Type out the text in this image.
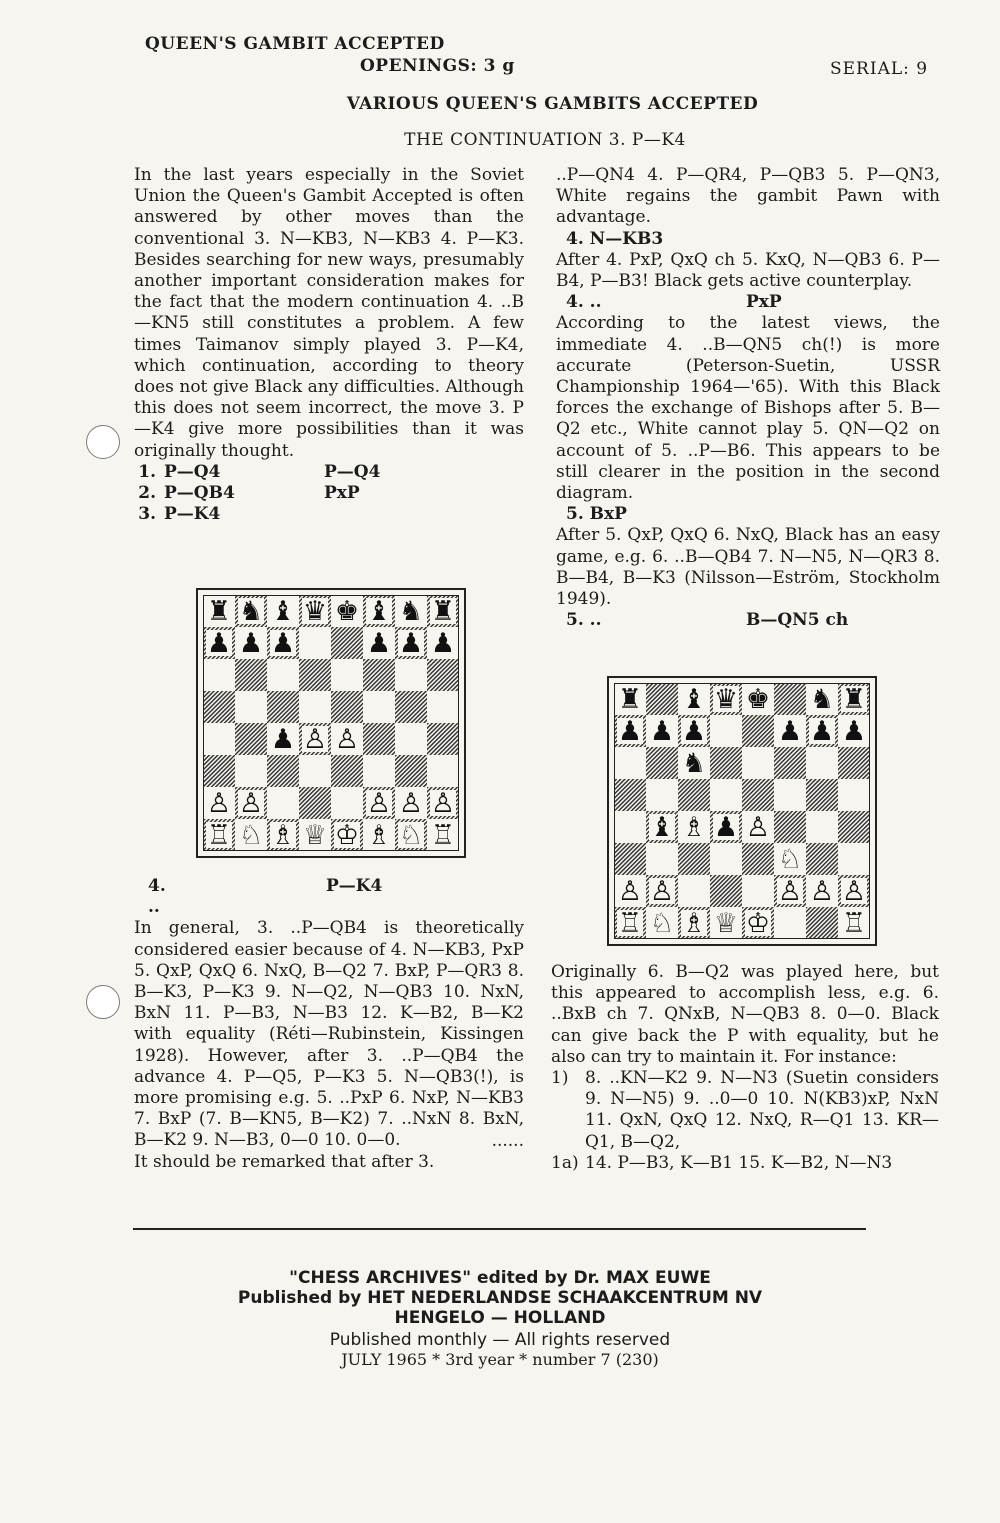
QUEEN'S GAMBIT ACCEPTED
OPENINGS: 3 g	SERIAL: 9
VARIOUS QUEEN'S GAMBITS ACCEPTED
THE CONTINUATION 3. P—K4

In the last years especially in the Soviet Union the Queen's Gambit Accepted is often answered by other moves than the conventional 3. N—KB3, N—KB3 4. P—K3. Besides searching for new ways, presumably another important consideration makes for the fact that the modern continuation 4. ..B—KN5 still constitutes a problem. A few times Taimanov simply played 3. P—K4, which continuation, according to theory does not give Black any difficulties. Although this does not seem incorrect, the move 3. P—K4 give more possibilities than it was originally thought.

1. P—Q4	P—Q4
2. P—QB4	PxP
3. P—K4
♜ ♞ ♝ ♛ ♚ ♝ ♞ ♜
♟ ♟ ♟	♟ ♟ ♟
♟ ♙ ♙
♙ ♙	♙ ♙ ♙
♖ ♘ ♗ ♕ ♔ ♗ ♘ ♖
4. ..
P—K4

In general, 3. ..P—QB4 is theoretically considered easier because of 4. N—KB3, PxP 5. QxP, QxQ 6. NxQ, B—Q2 7. BxP, P—QR3 8. B—K3, P—K3 9. N—Q2, N—QB3 10. NxN, BxN 11. P—B3, N—B3 12. K—B2, B—K2 with equality (Réti—Rubinstein, Kissingen 1928). However, after 3. ..P—QB4 the advance 4. P—Q5, P—K3 5. N—QB3(!), is more promising e.g. 5. ..PxP 6. NxP, N—KB3 7. BxP (7. B—KN5, B—K2) 7. ..NxN 8. BxN, B—K2 9. N—B3, 0—0 10. 0—0.	......

It should be remarked that after 3.

..P—QN4 4. P—QR4, P—QB3 5. P—QN3, White regains the gambit Pawn with advantage.

4. N—KB3

After 4. PxP, QxQ ch 5. KxQ, N—QB3 6. P—B4, P—B3! Black gets active counterplay.

4. ..	PxP

According to the latest views, the immediate 4. ..B—QN5 ch(!) is more accurate (Peterson-Suetin, USSR Championship 1964—'65). With this Black forces the exchange of Bishops after 5. B—Q2 etc., White cannot play 5. QN—Q2 on account of 5. ..P—B6. This appears to be still clearer in the position in the second diagram.

5. BxP

After 5. QxP, QxQ 6. NxQ, Black has an easy game, e.g. 6. ..B—QB4 7. N—N5, N—QR3 8. B—B4, B—K3 (Nilsson—Eström, Stockholm 1949).

5. ..	B—QN5 ch
♜ ♝ ♛ ♚ ♞ ♜
♟ ♟ ♟	♟ ♟ ♟
♞
♝ ♗ ♟ ♙
♘
♙ ♙	♙ ♙ ♙
♖ ♘ ♗ ♕ ♔	♖

Originally 6. B—Q2 was played here, but this appeared to accomplish less, e.g. 6. ..BxB ch 7. QNxB, N—QB3 8. 0—0. Black can give back the P with equality, but he also can try to maintain it. For instance:

1) 8. ..KN—K2 9. N—N3 (Suetin considers 9. N—N5) 9. ..0—0 10. N(KB3)xP, NxN 11. QxN, QxQ 12. NxQ, R—Q1 13. KR—Q1, B—Q2,
1a) 14. P—B3, K—B1 15. K—B2, N—N3
"CHESS ARCHIVES" edited by Dr. MAX EUWE
Published by HET NEDERLANDSE SCHAAKCENTRUM NV
HENGELO — HOLLAND
Published monthly — All rights reserved
JULY 1965 * 3rd year * number 7 (230)
